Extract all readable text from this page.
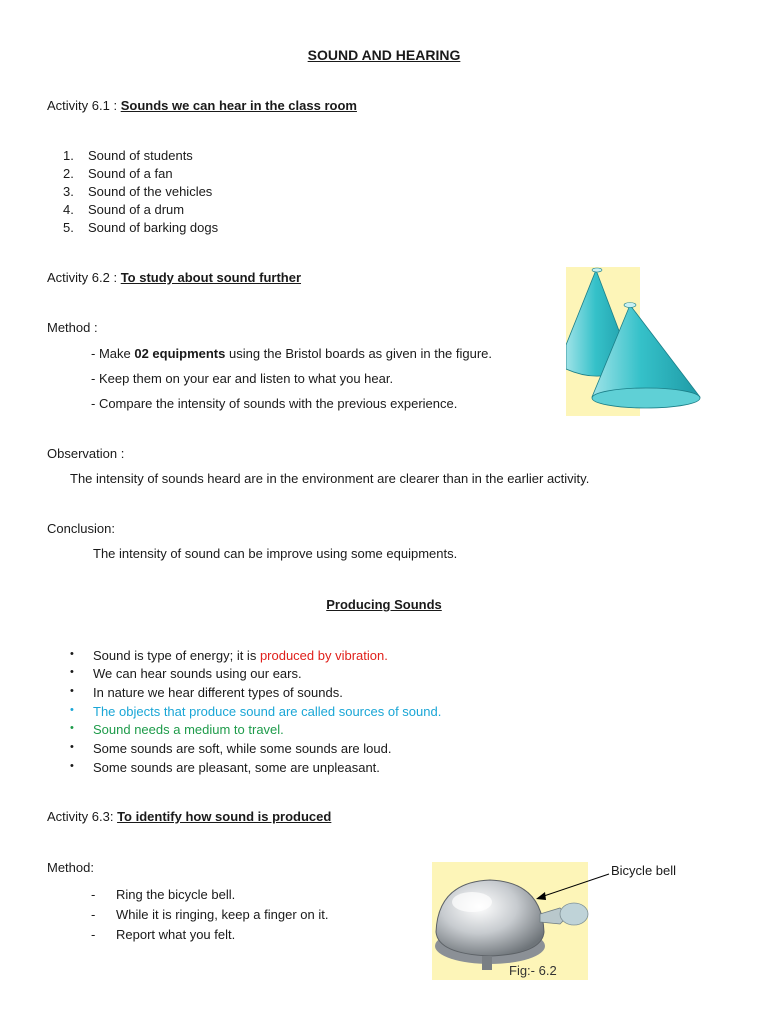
SOUND AND HEARING
Activity 6.1 : Sounds we can hear in the class room
1. Sound of students
2. Sound of a fan
3. Sound of the vehicles
4. Sound of a drum
5. Sound of barking dogs
Activity 6.2 : To study about sound further
Method :
- Make 02 equipments using the Bristol boards as given in the figure.
- Keep them on your ear and listen to what you hear.
- Compare the intensity of sounds with the previous experience.
Observation :
The intensity of sounds heard are in the environment are clearer than in the earlier activity.
Conclusion:
The intensity of sound can be improve using some equipments.
Producing Sounds
• Sound is type of energy; it is produced by vibration.
• We can hear sounds using our ears.
• In nature we hear different types of sounds.
• The objects that produce sound are called sources of sound.
• Sound needs a medium to travel.
• Some sounds are soft, while some sounds are loud.
• Some sounds are pleasant, some are unpleasant.
Activity 6.3: To identify how sound is produced
Method:
- Ring the bicycle bell.
- While it is ringing, keep a finger on it.
- Report what you felt.
Bicycle bell
Fig:- 6.2
